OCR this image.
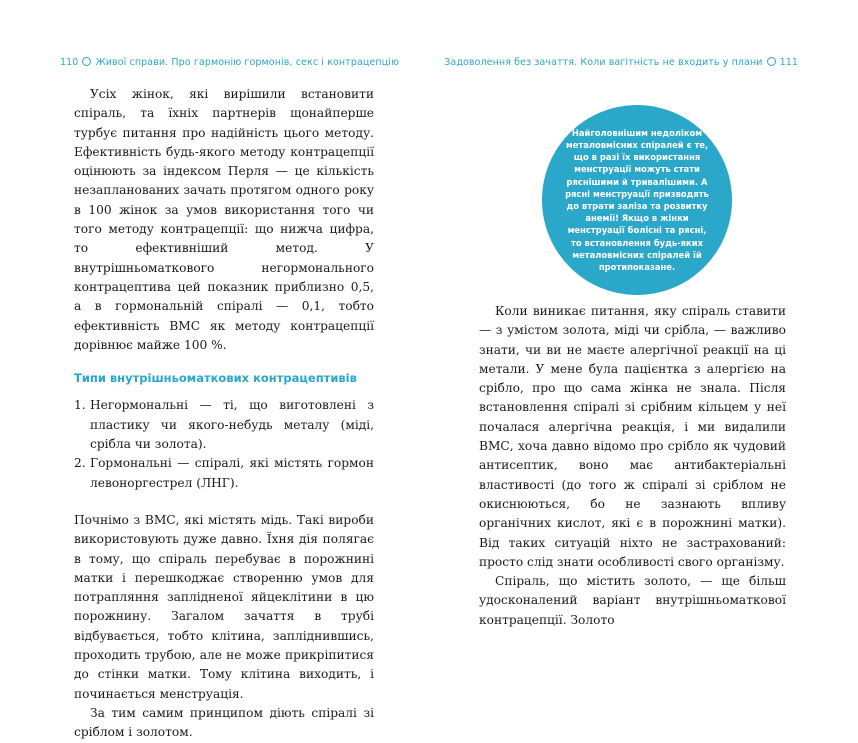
110 Живої справи. Про гармонію гормонів, секс і контрацепцію

Усіх жінок, які вирішили встановити спіраль, та їхніх партнерів щонайперше турбує питання про надійність цього методу. Ефективність будь-якого методу контрацепції оцінюють за індексом Перля — це кількість незапланованих зачать протягом одного року в 100 жінок за умов використання того чи того методу контрацепції: що нижча цифра, то ефективніший метод. У внутрішньоматкового негормонального контрацептива цей показник приблизно 0,5, а в гормональній спіралі — 0,1, тобто ефективність ВМС як методу контрацепції дорівнює майже 100 %.

Типи внутрішньоматкових контрацептивів
1. Негормональні — ті, що виготовлені з пластику чи якого-небудь металу (міді, срібла чи золота).
2. Гормональні — спіралі, які містять гормон левоноргестрел (ЛНГ).

Почнімо з ВМС, які містять мідь. Такі вироби використовують дуже давно. Їхня дія полягає в тому, що спіраль перебуває в порожнині матки і перешкоджає створенню умов для потрапляння заплідненої яйцеклітини в цю порожнину. Загалом зачаття в трубі відбувається, тобто клітина, запліднившись, проходить трубою, але не може прикріпитися до стінки матки. Тому клітина виходить, і починається менструація.

За тим самим принципом діють спіралі зі сріблом і золотом.

Задоволення без зачаття. Коли вагітність не входить у плани 111
Найголовнішим недоліком металовмісних спіралей є те, що в разі їх використання менструації можуть стати ряснішими й тривалішими. А рясні менструації призводять до втрати заліза та розвитку анемії! Якщо в жінки менструації болісні та рясні, то встановлення будь-яких металовмісних спіралей їй протипоказане.

Коли виникає питання, яку спіраль ставити — з умістом золота, міді чи срібла, — важливо знати, чи ви не маєте алергічної реакції на ці метали. У мене була пацієнтка з алергією на срібло, про що сама жінка не знала. Після встановлення спіралі зі срібним кільцем у неї почалася алергічна реакція, і ми видалили ВМС, хоча давно відомо про срібло як чудовий антисептик, воно має антибактеріальні властивості (до того ж спіралі зі сріблом не окиснюються, бо не зазнають впливу органічних кислот, які є в порожнині матки). Від таких ситуацій ніхто не застрахований: просто слід знати особливості свого організму.

Спіраль, що містить золото, — ще більш удосконалений варіант внутрішньоматкової контрацепції. Золото
